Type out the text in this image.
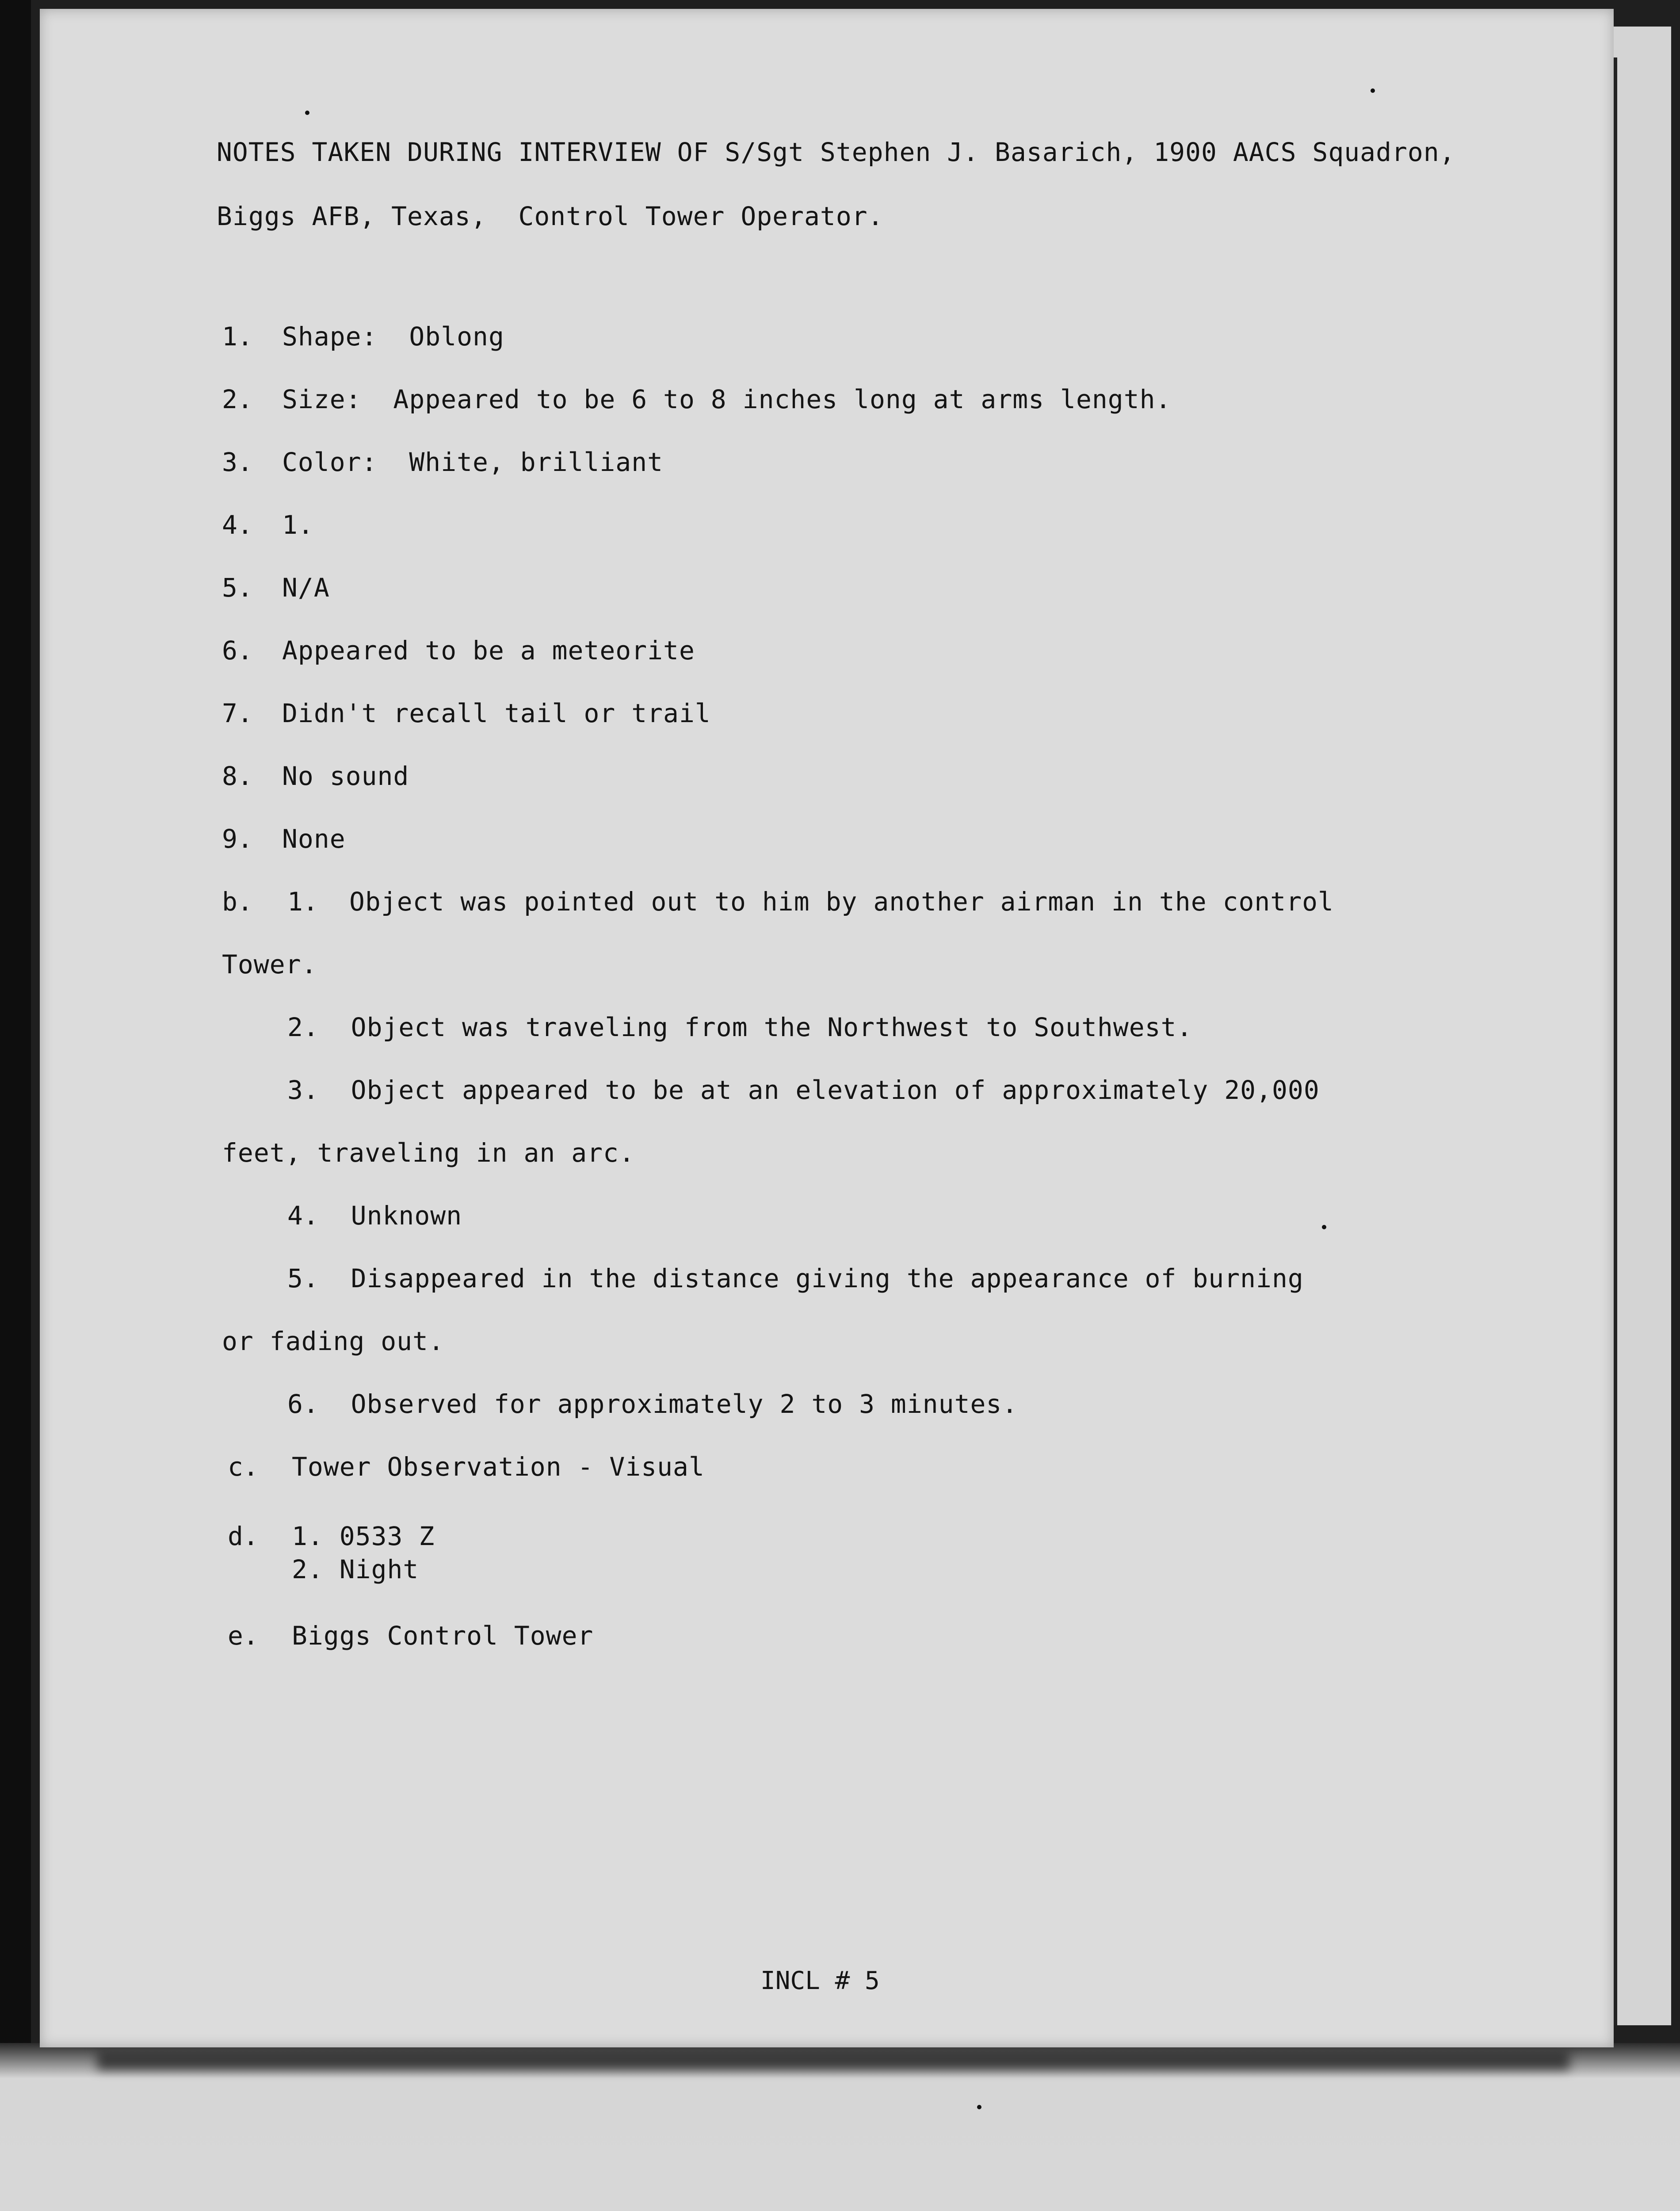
NOTES TAKEN DURING INTERVIEW OF S/Sgt Stephen J. Basarich, 1900 AACS Squadron,
Biggs AFB, Texas,  Control Tower Operator.
1. Shape:  Oblong
2. Size:  Appeared to be 6 to 8 inches long at arms length.
3. Color:  White, brilliant
4. 1.
5. N/A
6. Appeared to be a meteorite
7. Didn't recall tail or trail
8. No sound
9. None
b. 1. Object was pointed out to him by another airman in the control
Tower.
2.  Object was traveling from the Northwest to Southwest.
3.  Object appeared to be at an elevation of approximately 20,000
feet, traveling in an arc.
4.  Unknown
5.  Disappeared in the distance giving the appearance of burning
or fading out.
6.  Observed for approximately 2 to 3 minutes.
c. Tower Observation - Visual
d. 1. 0533 Z
2. Night
e. Biggs Control Tower
INCL # 5
